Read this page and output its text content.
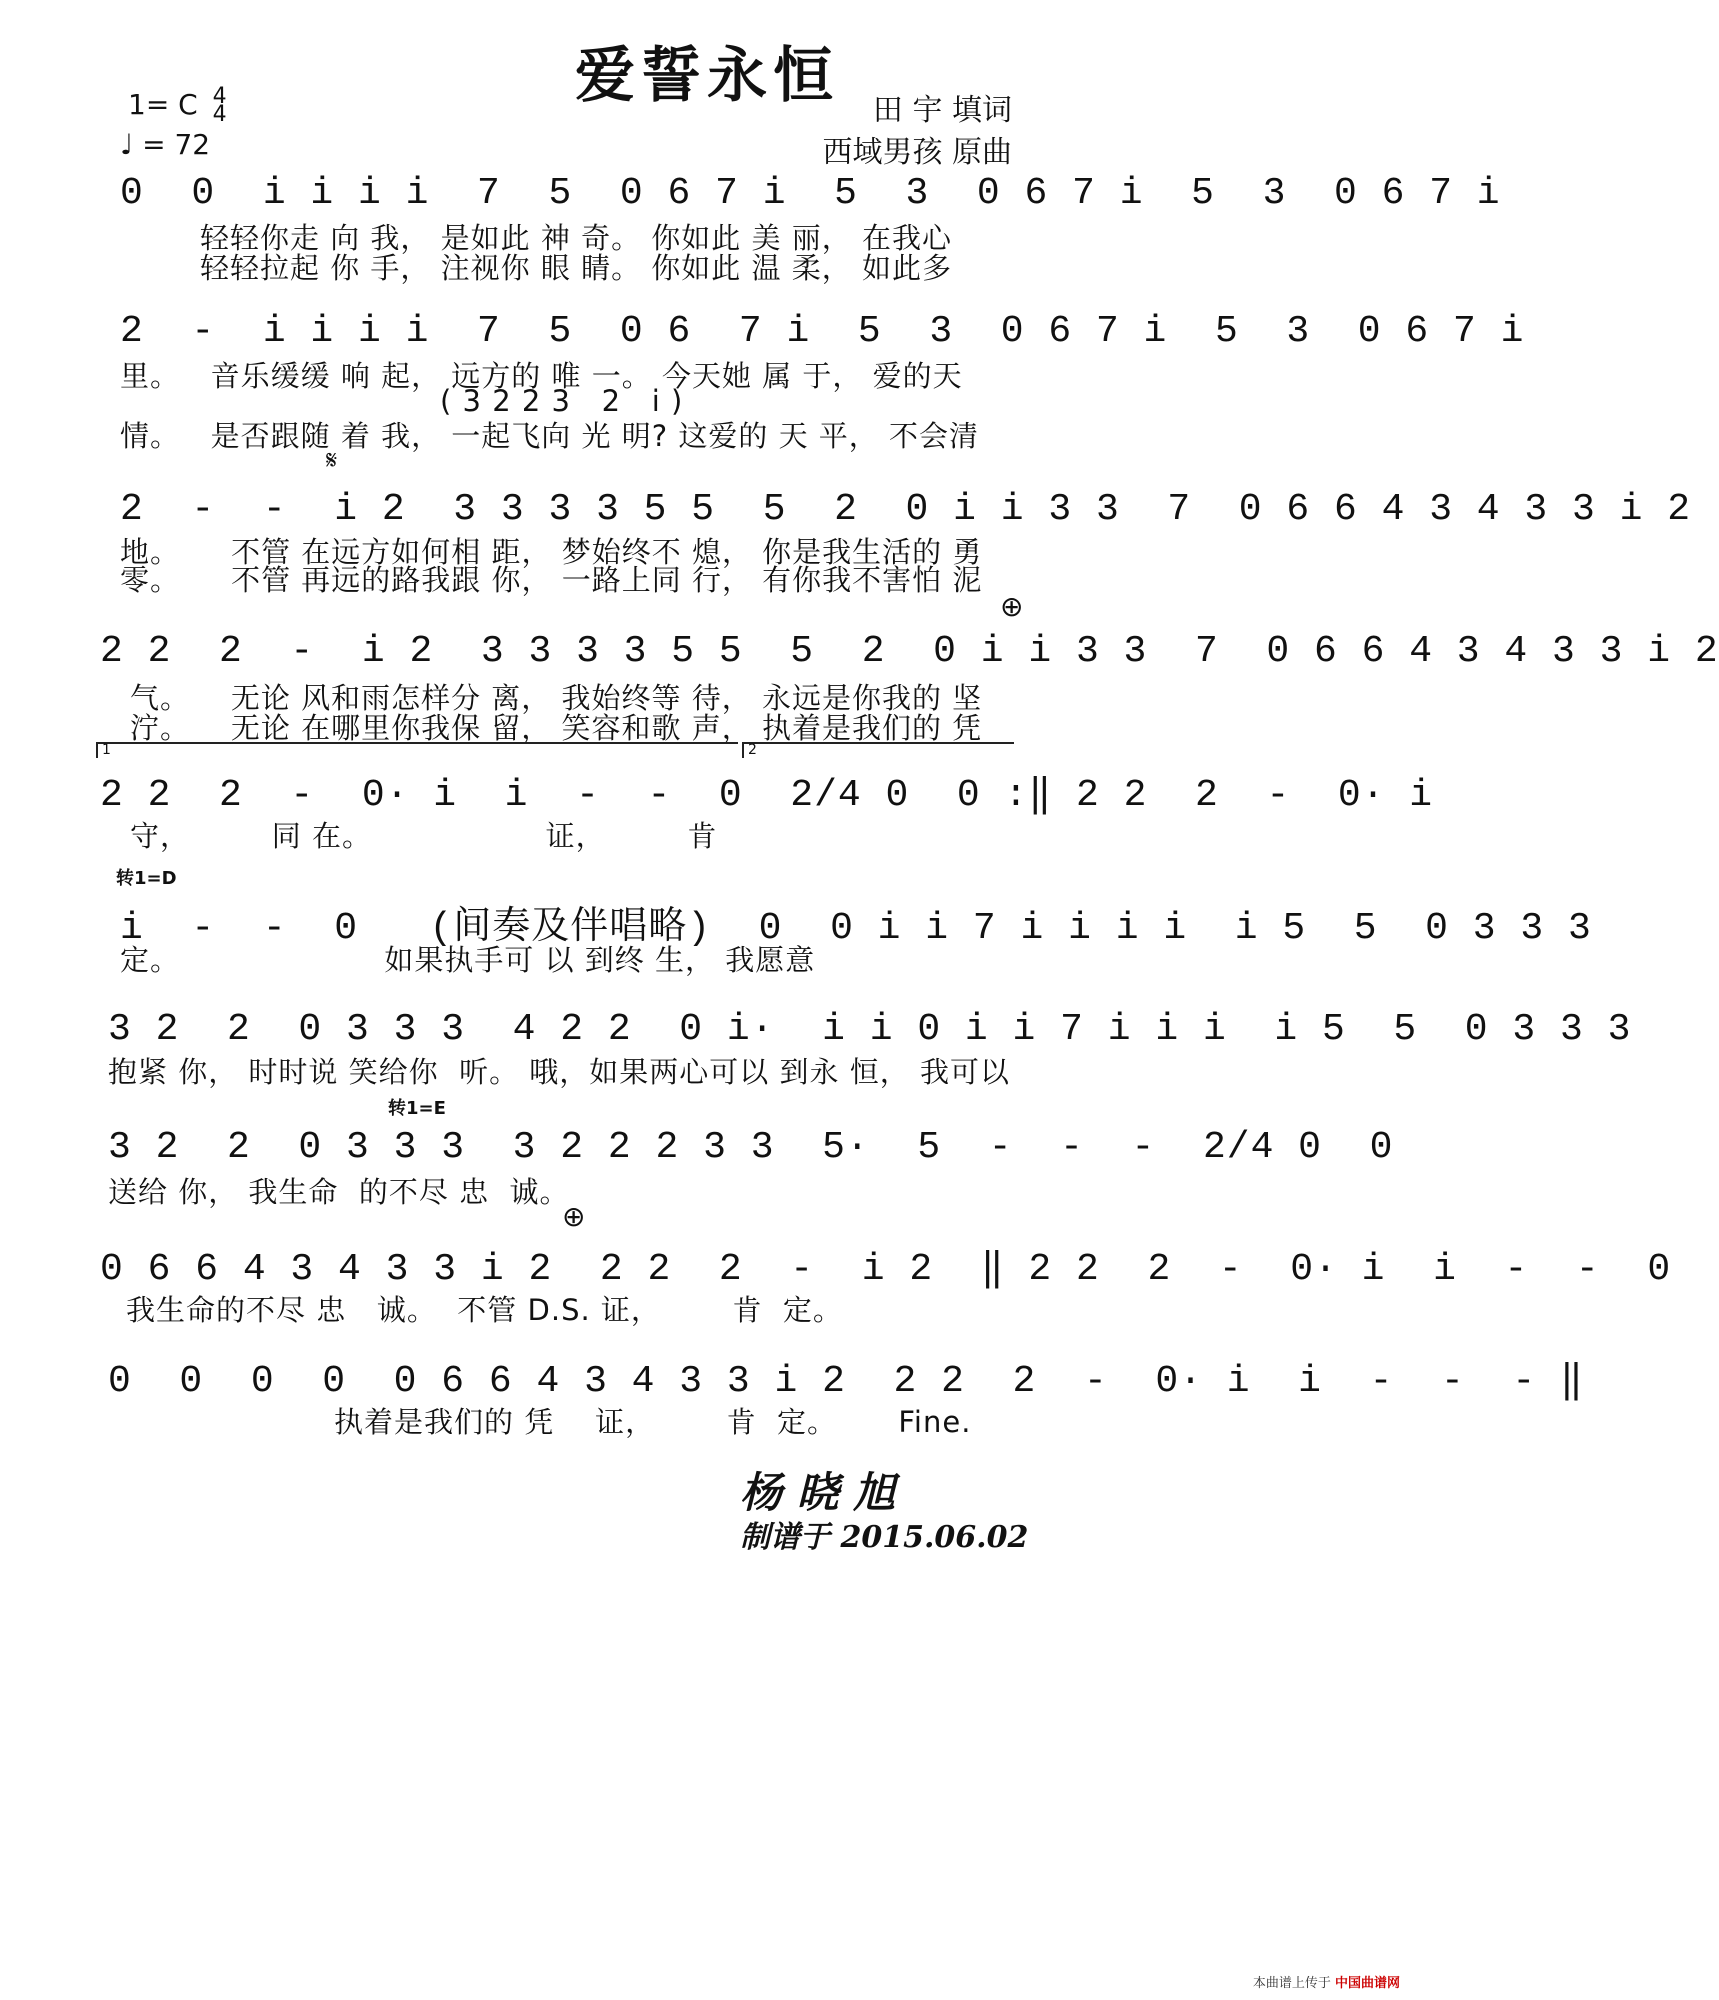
爱誓永恒
1= C 4
4
♩ = 72
田 宇 填词
西域男孩 原曲
0  0  i i i i  7  5  0 6 7 i  5  3  0 6 7 i  5  3  0 6 7 i
轻轻你走 向 我， 是如此 神 奇。 你如此 美 丽， 在我心
轻轻拉起 你 手， 注视你 眼 睛。 你如此 温 柔， 如此多
2  -  i i i i  7  5  0 6  7 i  5  3  0 6 7 i  5  3  0 6 7 i
里。   音乐缓缓 响 起， 远方的 唯 一。 今天她 属 于， 爱的天
( 3 2 2 3   2   i )
情。   是否跟随 着 我， 一起飞向 光 明? 这爱的 天 平， 不会清
𝄋
2  -  -  i 2  3 3 3 3 5 5  5  2  0 i i 3 3  7  0 6 6 4 3 4 3 3 i 2
地。     不管 在远方如何相 距， 梦始终不 熄， 你是我生活的 勇
零。     不管 再远的路我跟 你， 一路上同 行， 有你我不害怕 泥
⊕
2 2  2  -  i 2  3 3 3 3 5 5  5  2  0 i i 3 3  7  0 6 6 4 3 4 3 3 i 2
气。    无论 风和雨怎样分 离， 我始终等 待， 永远是你我的 坚
泞。    无论 在哪里你我保 留， 笑容和歌 声， 执着是我们的 凭
1	2
2 2  2  -  0· i  i  -  -  0  2/4 0  0 :‖ 2 2  2  -  0· i
守，        同 在。                 证，        肯
转1=D
i  -  -  0   (间奏及伴唱略)  0  0 i i 7 i i i i  i 5  5  0 3 3 3
定。                    如果执手可 以 到终 生， 我愿意
3 2  2  0 3 3 3  4 2 2  0 i·  i i 0 i i 7 i i i  i 5  5  0 3 3 3
抱紧 你， 时时说 笑给你  听。 哦，如果两心可以 到永 恒， 我可以
转1=E
3 2  2  0 3 3 3  3 2 2 2 3 3  5·  5  -  -  -  2/4 0  0
送给 你， 我生命  的不尽 忠  诚。
⊕
0 6 6 4 3 4 3 3 i 2  2 2  2  -  i 2  ‖ 2 2  2  -  0· i  i  -  -  0
我生命的不尽 忠   诚。  不管 D.S. 证，       肯  定。
0  0  0  0  0 6 6 4 3 4 3 3 i 2  2 2  2  -  0· i  i  -  -  - ‖
执着是我们的 凭    证，       肯  定。      Fine.
杨 晓 旭
制谱于 2015.06.02
本曲谱上传于 中国曲谱网
